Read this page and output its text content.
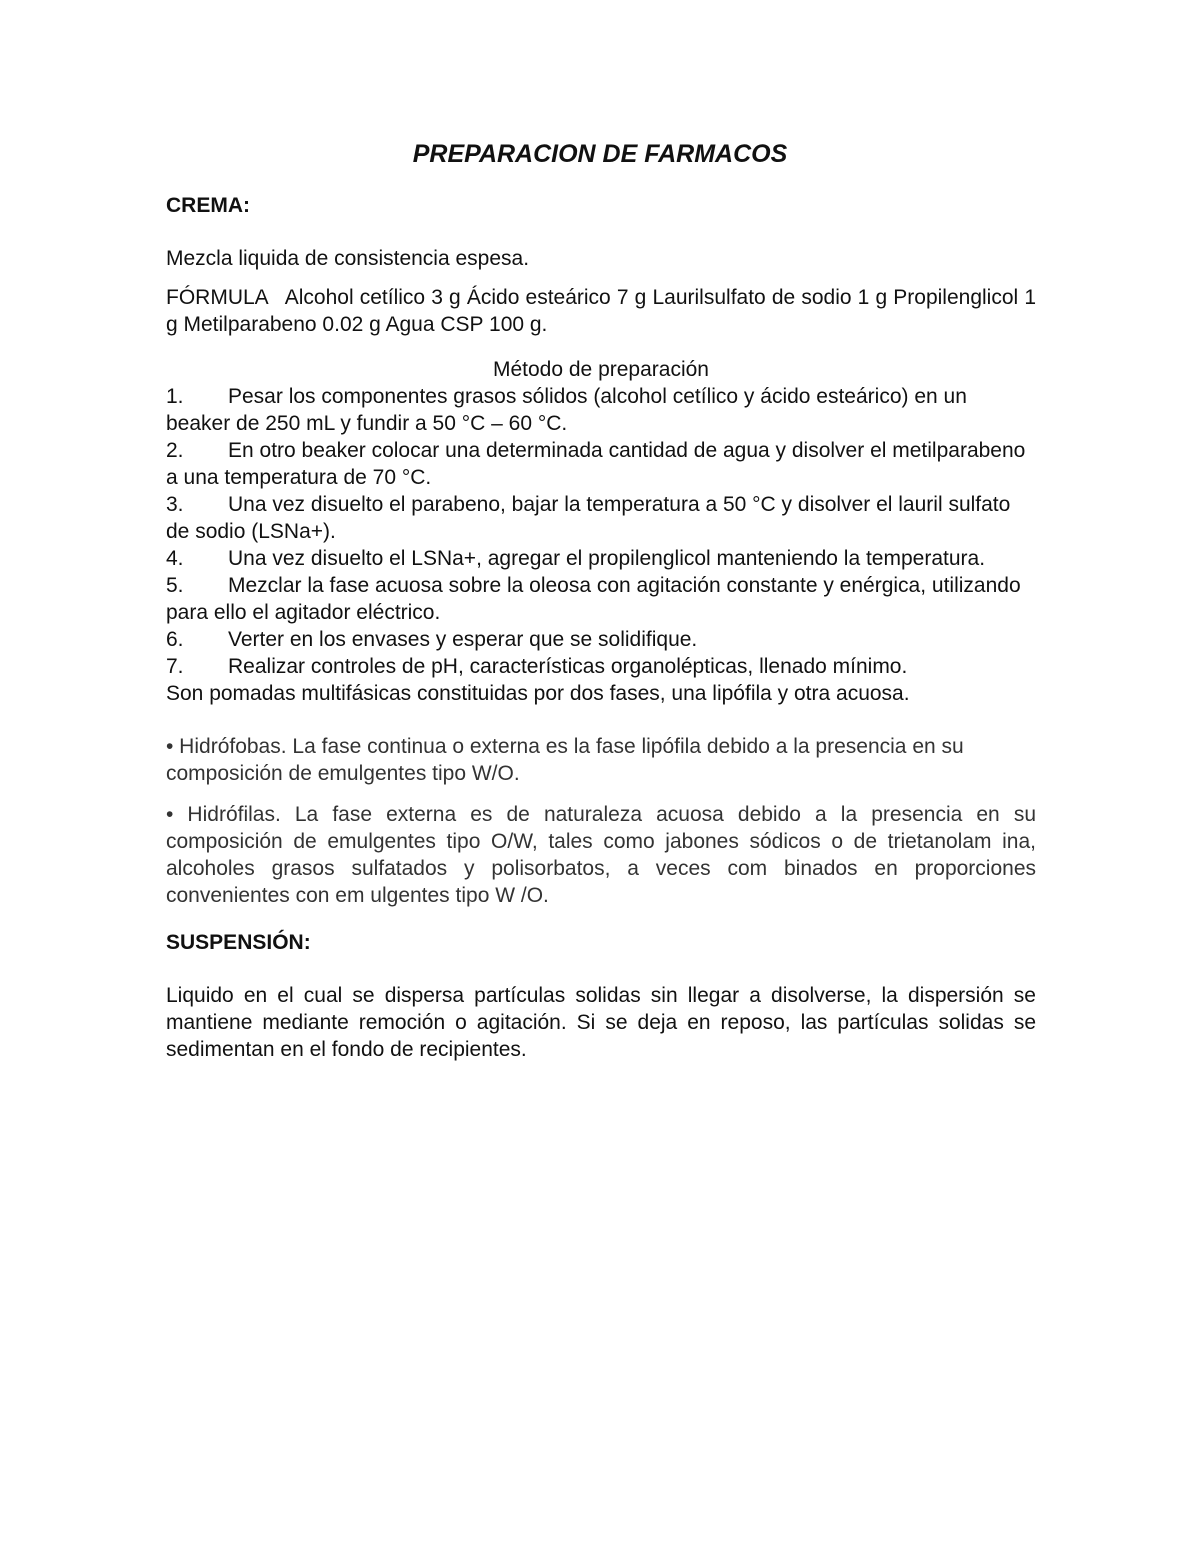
PREPARACION DE FARMACOS

CREMA:

Mezcla liquida de consistencia espesa.

FÓRMULA   Alcohol cetílico 3 g Ácido esteárico 7 g Laurilsulfato de sodio 1 g Propilenglicol 1 g Metilparabeno 0.02 g Agua CSP 100 g.

Método de preparación

1. Pesar los componentes grasos sólidos (alcohol cetílico y ácido esteárico) en un beaker de 250 mL y fundir a 50 °C – 60 °C.

2. En otro beaker colocar una determinada cantidad de agua y disolver el metilparabeno a una temperatura de 70 °C.

3. Una vez disuelto el parabeno, bajar la temperatura a 50 °C y disolver el lauril sulfato de sodio (LSNa+).

4. Una vez disuelto el LSNa+, agregar el propilenglicol manteniendo la temperatura.

5. Mezclar la fase acuosa sobre la oleosa con agitación constante y enérgica, utilizando para ello el agitador eléctrico.

6. Verter en los envases y esperar que se solidifique.

7. Realizar controles de pH, características organolépticas, llenado mínimo.

Son pomadas multifásicas constituidas por dos fases, una lipófila y otra acuosa.

• Hidrófobas. La fase continua o externa es la fase lipófila debido a la presencia en su composición de emulgentes tipo W/O.

• Hidrófilas. La fase externa es de naturaleza acuosa debido a la presencia en su composición de emulgentes tipo O/W, tales como jabones sódicos o de trietanolam ina, alcoholes grasos sulfatados y polisorbatos, a veces com binados en proporciones convenientes con em ulgentes tipo W /O.

SUSPENSIÓN:

Liquido en el cual se dispersa partículas solidas sin llegar a disolverse, la dispersión se mantiene mediante remoción o agitación. Si se deja en reposo, las partículas solidas se sedimentan en el fondo de recipientes.
